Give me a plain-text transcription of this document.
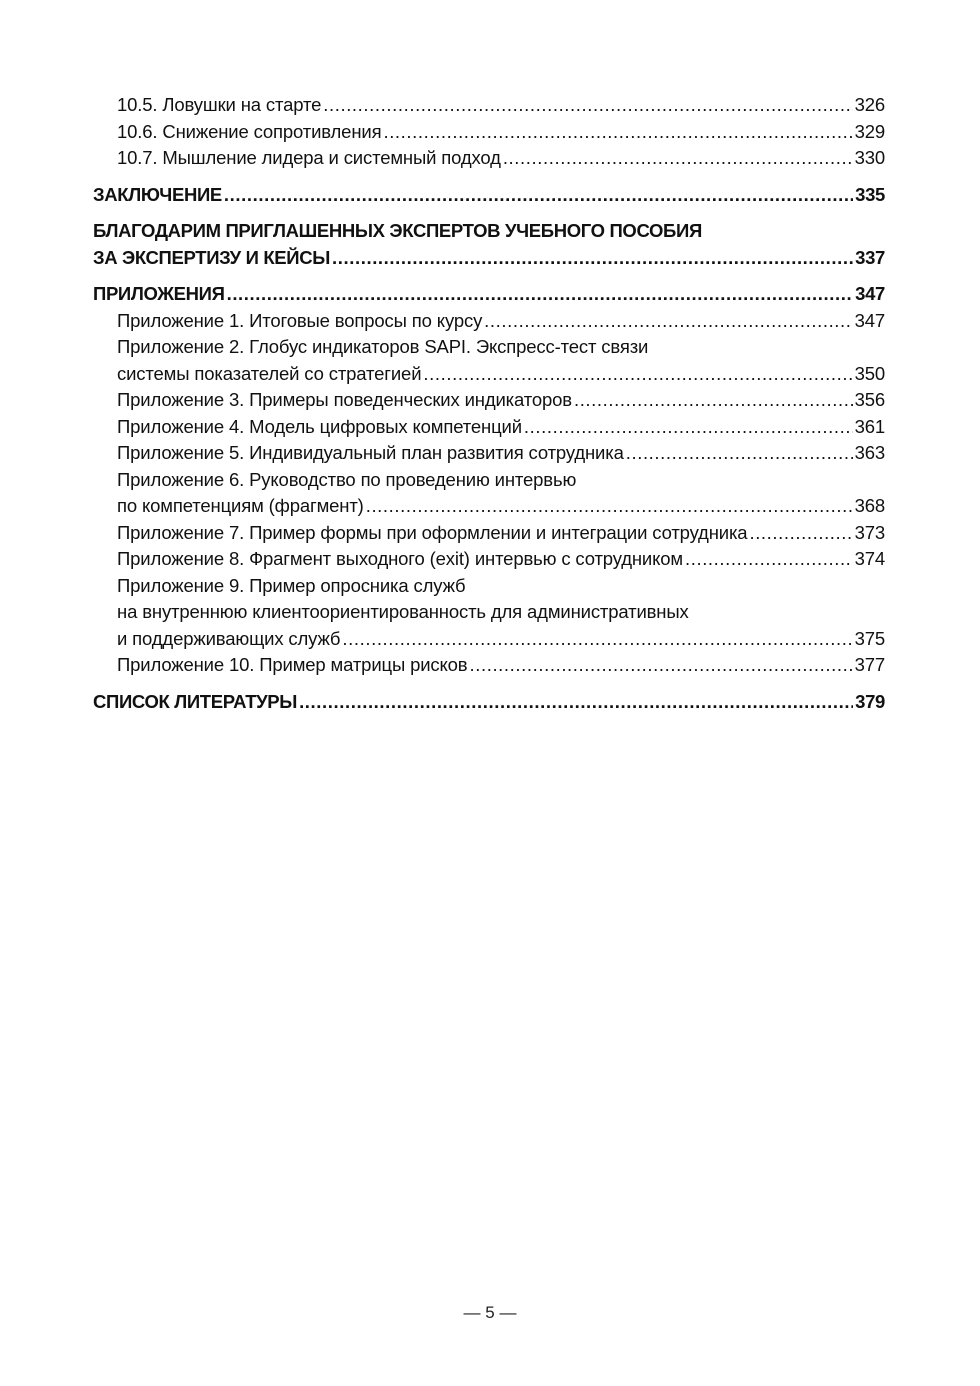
10.5. Ловушки на старте .....	326
10.6. Снижение сопротивления .....	329
10.7. Мышление лидера и системный подход .....	330
ЗАКЛЮЧЕНИЕ .....	335
БЛАГОДАРИМ ПРИГЛАШЕННЫХ ЭКСПЕРТОВ УЧЕБНОГО ПОСОБИЯ
ЗА ЭКСПЕРТИЗУ И КЕЙСЫ .....	337
ПРИЛОЖЕНИЯ .....	347
Приложение 1. Итоговые вопросы по курсу .....	347
Приложение 2. Глобус индикаторов SAPI. Экспресс-тест связи
системы показателей со стратегией .....	350
Приложение 3. Примеры поведенческих индикаторов .....	356
Приложение 4. Модель цифровых компетенций .....	361
Приложение 5. Индивидуальный план развития сотрудника .....	363
Приложение 6. Руководство по проведению интервью
по компетенциям (фрагмент) .....	368
Приложение 7. Пример формы при оформлении и интеграции сотрудника .....	373
Приложение 8. Фрагмент выходного (exit) интервью с сотрудником .....	374
Приложение 9. Пример опросника служб
на внутреннюю клиентоориентированность для административных
и поддерживающих служб .....	375
Приложение 10. Пример матрицы рисков .....	377
СПИСОК ЛИТЕРАТУРЫ .....	379
— 5 —
